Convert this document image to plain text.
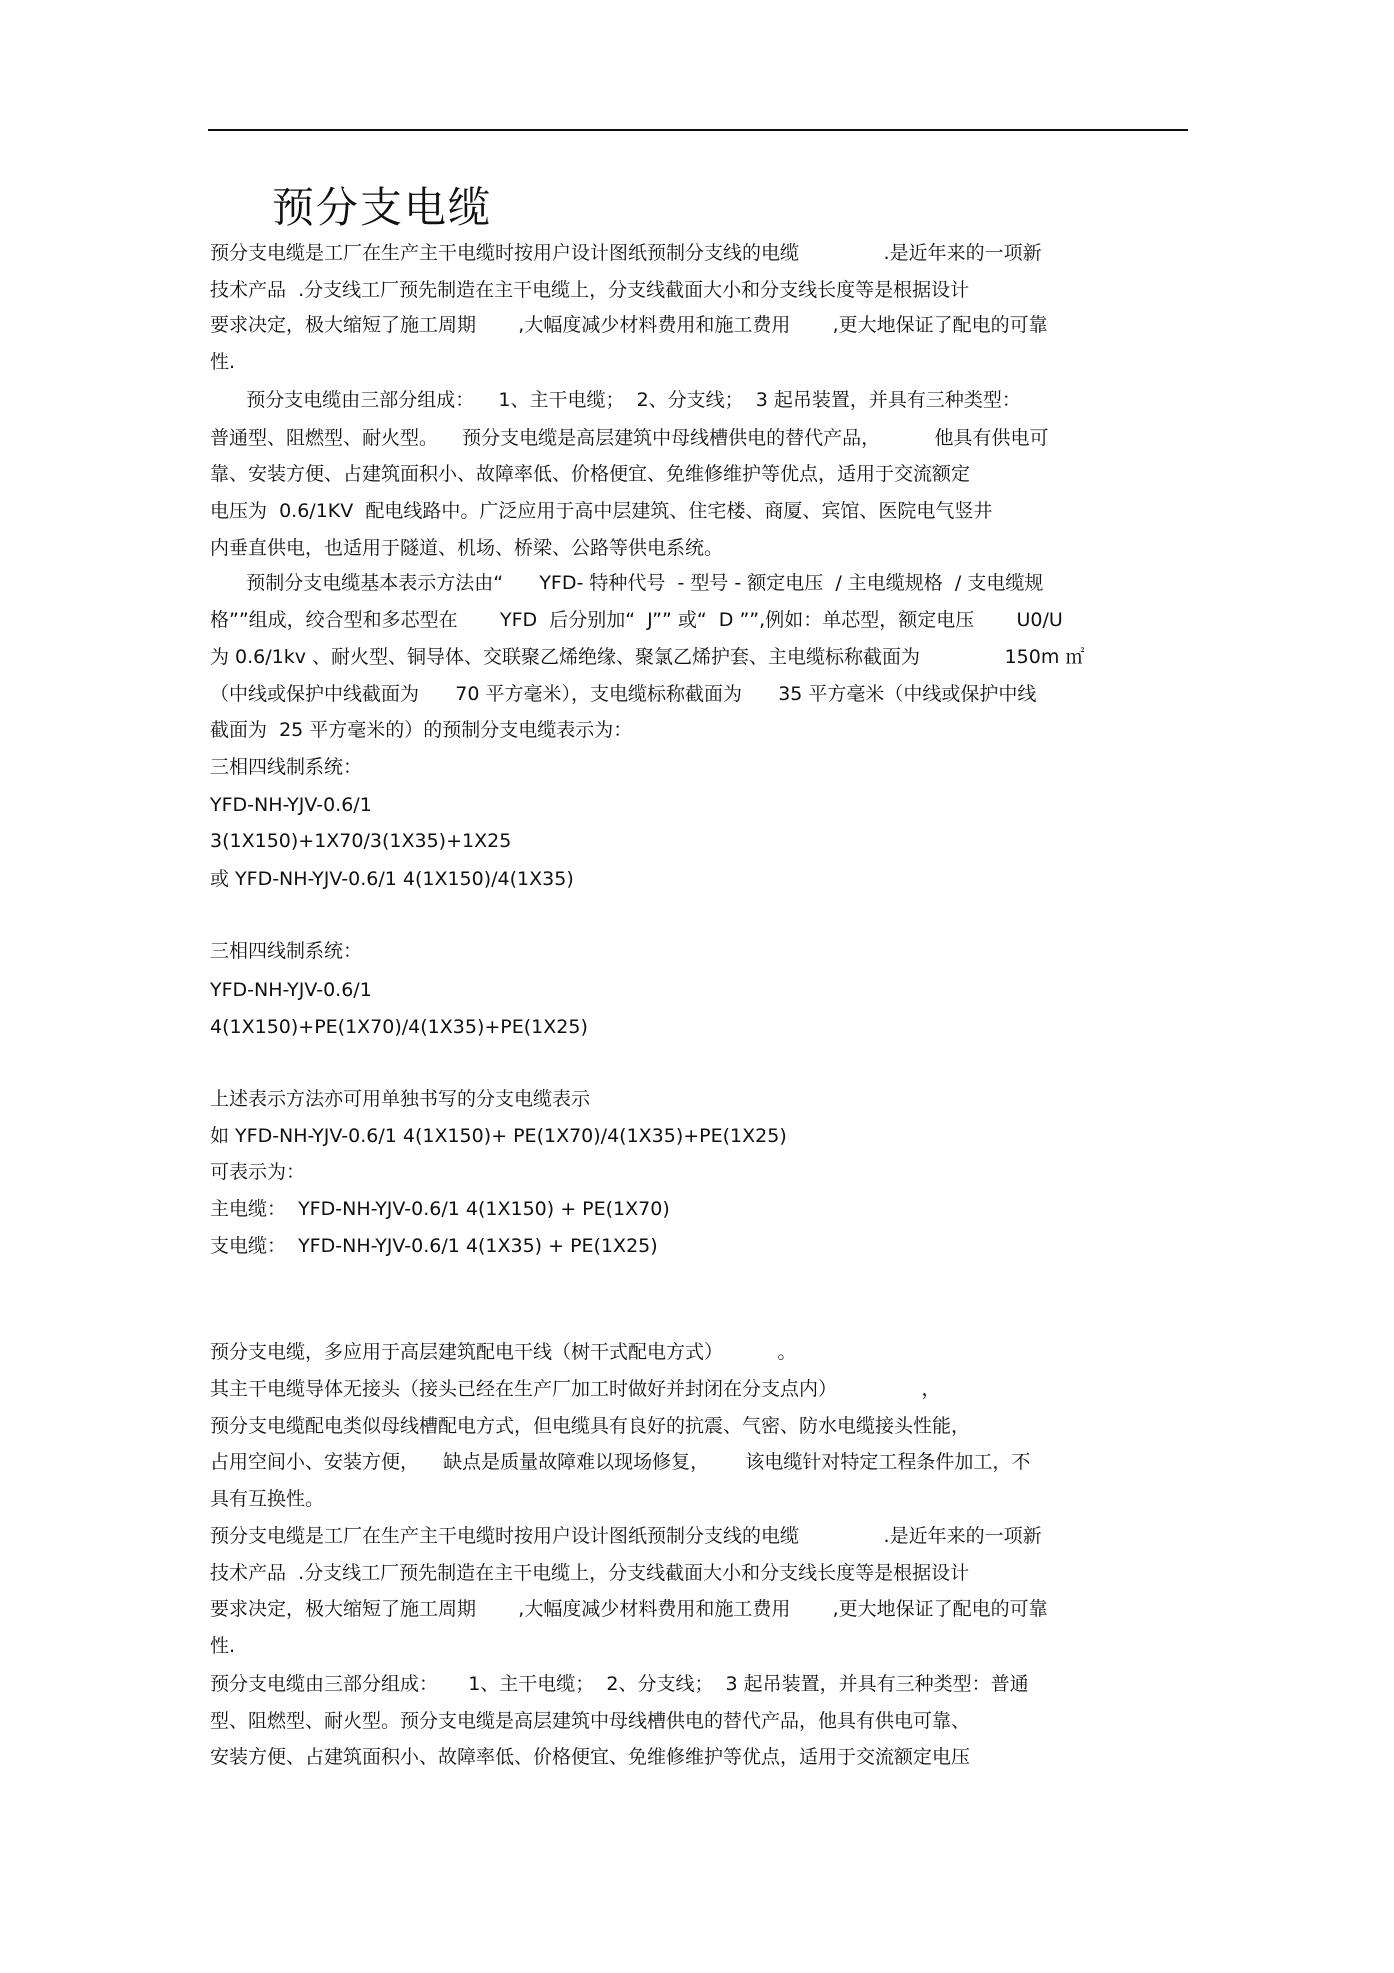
预分支电缆
预分支电缆是工厂在生产主干电缆时按用户设计图纸预制分支线的电缆              .是近年来的一项新
技术产品  .分支线工厂预先制造在主干电缆上，分支线截面大小和分支线长度等是根据设计
要求决定，极大缩短了施工周期       ,大幅度减少材料费用和施工费用       ,更大地保证了配电的可靠
性.
预分支电缆由三部分组成：    1、主干电缆；  2、分支线；  3 起吊装置，并具有三种类型：
普通型、阻燃型、耐火型。    预分支电缆是高层建筑中母线槽供电的替代产品，         他具有供电可
靠、安装方便、占建筑面积小、故障率低、价格便宜、免维修维护等优点，适用于交流额定
电压为  0.6/1KV  配电线路中。广泛应用于高中层建筑、住宅楼、商厦、宾馆、医院电气竖井
内垂直供电，也适用于隧道、机场、桥梁、公路等供电系统。
预制分支电缆基本表示方法由“      YFD- 特种代号  - 型号 - 额定电压  / 主电缆规格  / 支电缆规
格””组成，绞合型和多芯型在       YFD  后分别加“  J”” 或“  D ””,例如：单芯型，额定电压       U0/U
为 0.6/1kv 、耐火型、铜导体、交联聚乙烯绝缘、聚氯乙烯护套、主电缆标称截面为              150m ㎡
（中线或保护中线截面为      70 平方毫米），支电缆标称截面为      35 平方毫米（中线或保护中线
截面为  25 平方毫米的）的预制分支电缆表示为：
三相四线制系统：
YFD-NH-YJV-0.6/1
3(1X150)+1X70/3(1X35)+1X25
或 YFD-NH-YJV-0.6/1 4(1X150)/4(1X35)
三相四线制系统：
YFD-NH-YJV-0.6/1
4(1X150)+PE(1X70)/4(1X35)+PE(1X25)
上述表示方法亦可用单独书写的分支电缆表示
如 YFD-NH-YJV-0.6/1 4(1X150)+ PE(1X70)/4(1X35)+PE(1X25)
可表示为：
主电缆：  YFD-NH-YJV-0.6/1 4(1X150) + PE(1X70)
支电缆：  YFD-NH-YJV-0.6/1 4(1X35) + PE(1X25)
预分支电缆，多应用于高层建筑配电干线（树干式配电方式）         。
其主干电缆导体无接头（接头已经在生产厂加工时做好并封闭在分支点内）              ，
预分支电缆配电类似母线槽配电方式，但电缆具有良好的抗震、气密、防水电缆接头性能，
占用空间小、安装方便，    缺点是质量故障难以现场修复，      该电缆针对特定工程条件加工，不
具有互换性。
预分支电缆是工厂在生产主干电缆时按用户设计图纸预制分支线的电缆              .是近年来的一项新
技术产品  .分支线工厂预先制造在主干电缆上，分支线截面大小和分支线长度等是根据设计
要求决定，极大缩短了施工周期       ,大幅度减少材料费用和施工费用       ,更大地保证了配电的可靠
性.
预分支电缆由三部分组成：     1、主干电缆；  2、分支线；  3 起吊装置，并具有三种类型：普通
型、阻燃型、耐火型。预分支电缆是高层建筑中母线槽供电的替代产品，他具有供电可靠、
安装方便、占建筑面积小、故障率低、价格便宜、免维修维护等优点，适用于交流额定电压
